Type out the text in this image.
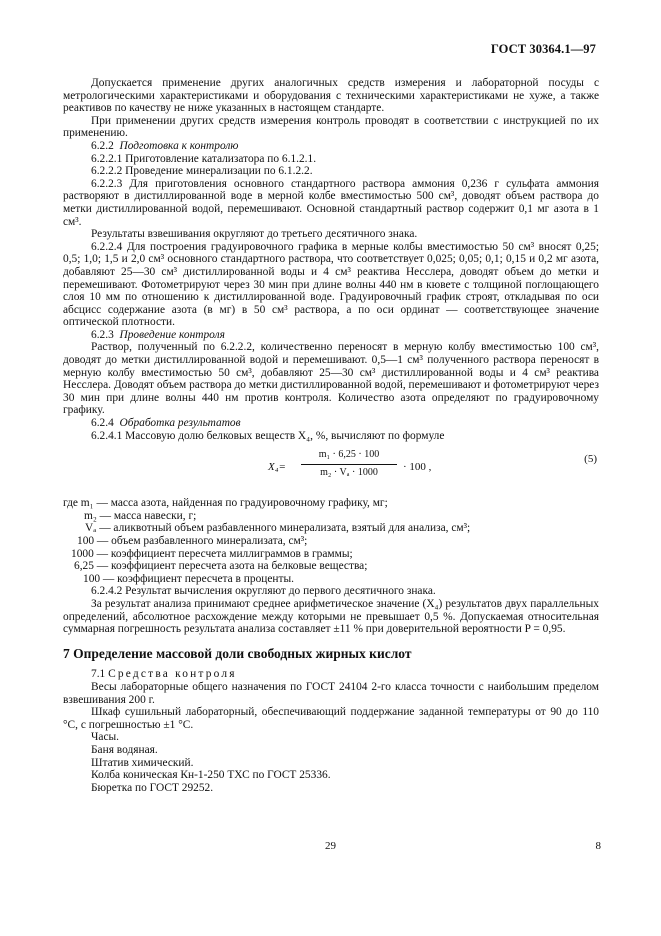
ГОСТ 30364.1—97

Допускается применение других аналогичных средств измерения и лабораторной посуды с метрологическими характеристиками и оборудования с техническими характеристиками не хуже, а также реактивов по качеству не ниже указанных в настоящем стандарте.

При применении других средств измерения контроль проводят в соответствии с инструкцией по их применению.

6.2.2 Подготовка к контролю

6.2.2.1 Приготовление катализатора по 6.1.2.1.

6.2.2.2 Проведение минерализации по 6.1.2.2.

6.2.2.3 Для приготовления основного стандартного раствора аммония 0,236 г сульфата аммония растворяют в дистиллированной воде в мерной колбе вместимостью 500 см³, доводят объем раствора до метки дистиллированной водой, перемешивают. Основной стандартный раствор содержит 0,1 мг азота в 1 см³.

Результаты взвешивания округляют до третьего десятичного знака.

6.2.2.4 Для построения градуировочного графика в мерные колбы вместимостью 50 см³ вносят 0,25; 0,5; 1,0; 1,5 и 2,0 см³ основного стандартного раствора, что соответствует 0,025; 0,05; 0,1; 0,15 и 0,2 мг азота, добавляют 25—30 см³ дистиллированной воды и 4 см³ реактива Несслера, доводят объем до метки и перемешивают. Фотометрируют через 30 мин при длине волны 440 нм в кювете с толщиной поглощающего слоя 10 мм по отношению к дистиллированной воде. Градуировочный график строят, откладывая по оси абсцисс содержание азота (в мг) в 50 см³ раствора, а по оси ординат — соответствующее значение оптической плотности.

6.2.3 Проведение контроля

Раствор, полученный по 6.2.2.2, количественно переносят в мерную колбу вместимостью 100 см³, доводят до метки дистиллированной водой и перемешивают. 0,5—1 см³ полученного раствора переносят в мерную колбу вместимостью 50 см³, добавляют 25—30 см³ дистиллированной воды и 4 см³ реактива Несслера. Доводят объем раствора до метки дистиллированной водой, перемешивают и фотометрируют через 30 мин при длине волны 440 нм против контроля. Количество азота определяют по градуировочному графику.

6.2.4 Обработка результатов

6.2.4.1 Массовую долю белковых веществ X₄, %, вычисляют по формуле

$X_4= \frac{\text{m₁ · 6,25 · 100}}{\text{m₂ · Vₐ · 1000}} \cdot 100$ ,
(5)

где m₁ — масса азота, найденная по градуировочному графику, мг;

m₂ — масса навески, г;

Vₐ — аликвотный объем разбавленного минерализата, взятый для анализа, см³;

100 — объем разбавленного минерализата, см³;

1000 — коэффициент пересчета миллиграммов в граммы;

6,25 — коэффициент пересчета азота на белковые вещества;

100 — коэффициент пересчета в проценты.

6.2.4.2 Результат вычисления округляют до первого десятичного знака.

За результат анализа принимают среднее арифметическое значение (X₄) результатов двух параллельных определений, абсолютное расхождение между которыми не превышает 0,5 %. Допускаемая относительная суммарная погрешность результата анализа составляет ±11 % при доверительной вероятности P = 0,95.

7 Определение массовой доли свободных жирных кислот

7.1 Средства контроля

Весы лабораторные общего назначения по ГОСТ 24104 2-го класса точности с наибольшим пределом взвешивания 200 г.

Шкаф сушильный лабораторный, обеспечивающий поддержание заданной температуры от 90 до 110 °С, с погрешностью ±1 °С.

Часы.

Баня водяная.

Штатив химический.

Колба коническая Кн-1-250 ТХС по ГОСТ 25336.

Бюретка по ГОСТ 29252.

29	8
